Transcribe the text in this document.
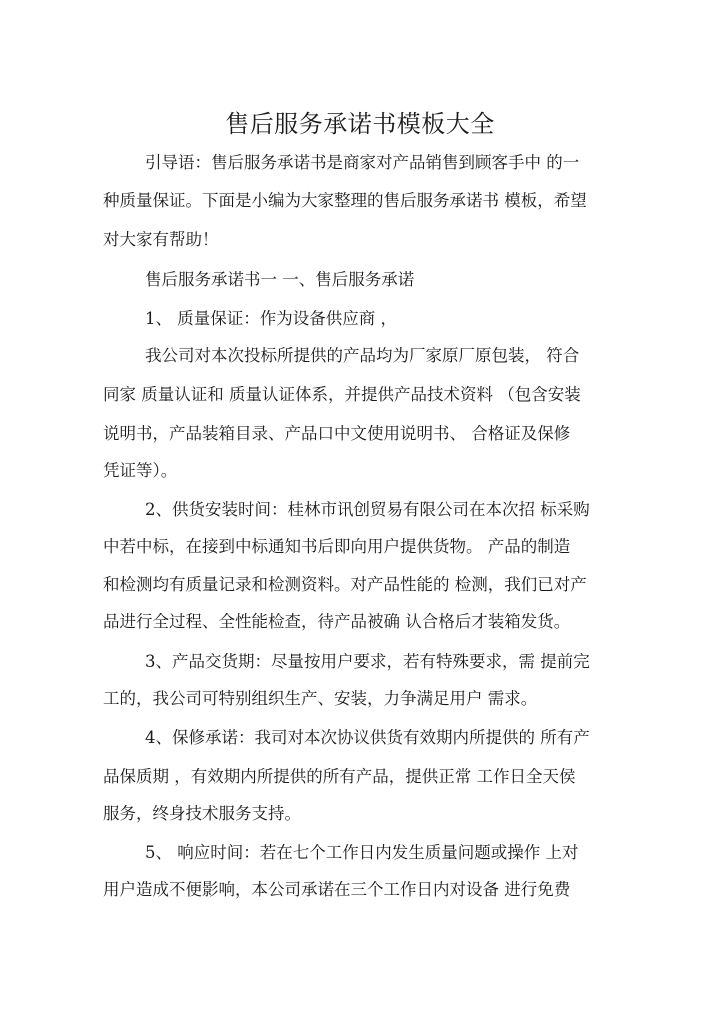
售后服务承诺书模板大全
引导语：售后服务承诺书是商家对产品销售到顾客手中 的一
种质量保证。下面是小编为大家整理的售后服务承诺书 模板，希望
对大家有帮助！
售后服务承诺书一 一、售后服务承诺
1、 质量保证：作为设备供应商 ，
我公司对本次投标所提供的产品均为厂家原厂原包装， 符合
同家 质量认证和 质量认证体系，并提供产品技术资料 （包含安装
说明书，产品装箱目录、产品口中文使用说明书、 合格证及保修
凭证等）。
2、供货安装时间：桂林市讯创贸易有限公司在本次招 标采购
中若中标，在接到中标通知书后即向用户提供货物。 产品的制造
和检测均有质量记录和检测资料。对产品性能的 检测，我们已对产
品进行全过程、全性能检查，待产品被确 认合格后才装箱发货。
3、产品交货期：尽量按用户要求，若有特殊要求，需 提前完
工的，我公司可特别组织生产、安装，力争满足用户 需求。
4、保修承诺：我司对本次协议供货有效期内所提供的 所有产
品保质期 ，有效期内所提供的所有产品，提供正常 工作日全天侯
服务，终身技术服务支持。
5、 响应时间：若在七个工作日内发生质量问题或操作 上对
用户造成不便影响，本公司承诺在三个工作日内对设备 进行免费
